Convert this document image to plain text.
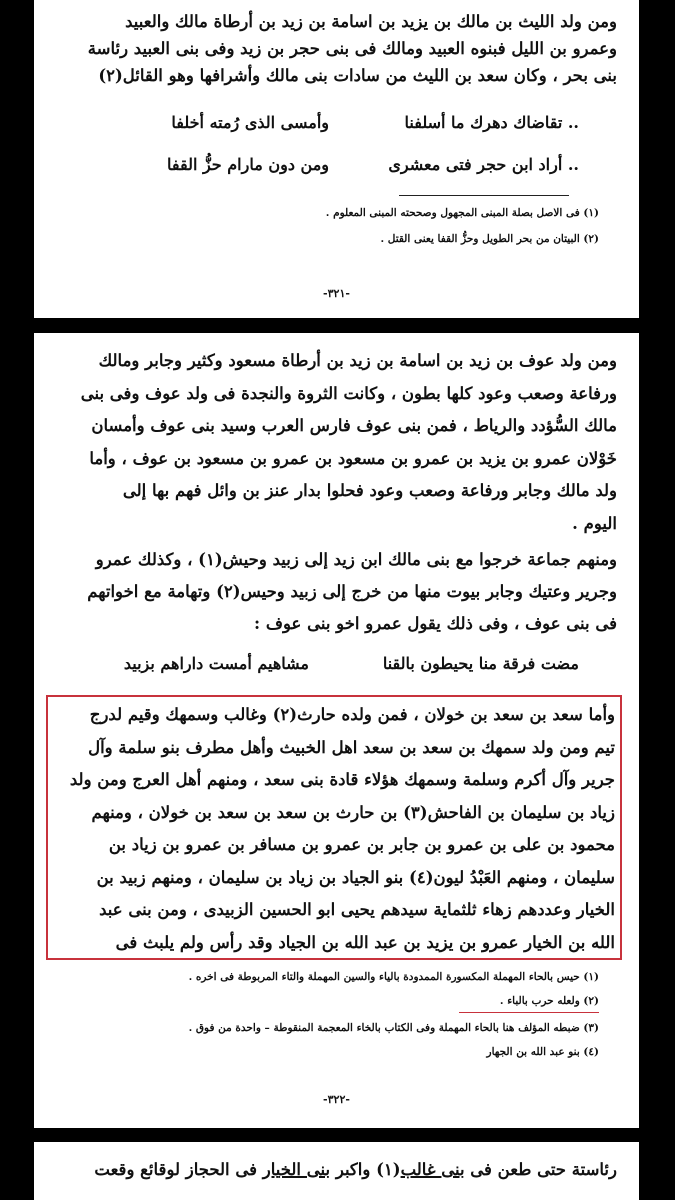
ومن ولد الليث بن مالك بن يزيد بن اسامة بن زيد بن أرطاة مالك والعبيد
وعمرو بن الليل فبنوه العبيد ومالك فى بنى حجر بن زيد وفى بنى العبيد رئاسة
بنى بحر ، وكان سعد بن الليث من سادات بنى مالك وأشرافها وهو القائل(٢)

.. تقاضاك دهرك ما أسلفنا
وأمسى الذى رُمته أخلفا
.. أراد ابن حجر فتى معشرى
ومن دون مارام حزُّ القفا
(١) فى الاصل بصلة المبنى المجهول وصححته المبنى المعلوم .
(٢) البيتان من بحر الطويل وحزُّ القفا يعنى القتل .
-٣٢١-

ومن ولد عوف بن زيد بن اسامة بن زيد بن أرطاة مسعود وكثير وجابر ومالك
ورفاعة وصعب وعود كلها بطون ، وكانت الثروة والنجدة فى ولد عوف وفى بنى
مالك السُّؤدد والرياط ، فمن بنى عوف فارس العرب وسيد بنى عوف وأمسان
خَوْلان عمرو بن يزيد بن عمرو بن مسعود بن عمرو بن مسعود بن عوف ، وأما
ولد مالك وجابر ورفاعة وصعب وعود فحلوا بدار عنز بن وائل فهم بها إلى
اليوم .

ومنهم جماعة خرجوا مع بنى مالك ابن زيد إلى زبيد وحيش(١) ، وكذلك عمرو
وجرير وعتيك وجابر بيوت منها من خرج إلى زبيد وحيس(٢) وتهامة مع اخواتهم
فى بنى عوف ، وفى ذلك يقول عمرو اخو بنى عوف :

مضت فرقة منا يحيطون بالقنا
مشاهيم أمست داراهم بزبيد

وأما سعد بن سعد بن خولان ، فمن ولده حارث(٢) وغالب وسمهك وقيم لدرج
تيم ومن ولد سمهك بن سعد بن سعد اهل الخبيث وأهل مطرف بنو سلمة وآل
جرير وآل أكرم وسلمة وسمهك هؤلاء قادة بنى سعد ، ومنهم أهل العرج ومن ولد
زياد بن سليمان بن الفاحش(٣) بن حارث بن سعد بن سعد بن خولان ، ومنهم
محمود بن على بن عمرو بن جابر بن عمرو بن مسافر بن عمرو بن زياد بن
سليمان ، ومنهم العَبْدُ ليون(٤) بنو الجياد بن زياد بن سليمان ، ومنهم زبيد بن
الخيار وعددهم زهاء ثلثماية سيدهم يحيى ابو الحسين الزبيدى ، ومن بنى عبد
الله بن الخيار عمرو بن يزيد بن عبد الله بن الجياد وقد رأس ولم يلبث فى

(١) حيس بالحاء المهملة المكسورة الممدودة بالياء والسين المهملة والتاء المربوطة فى اخره .
(٢) ولعله حرب بالباء .
(٣) ضبطه المؤلف هنا بالحاء المهملة وفى الكتاب بالخاء المعجمة المنقوطة – واحدة من فوق .
(٤) بنو عبد الله بن الجهار
-٣٢٢-

رئاستة حتى طعن فى بنى غالب(١) واكبر بنى الخيار فى الحجاز لوقائع وقعت
